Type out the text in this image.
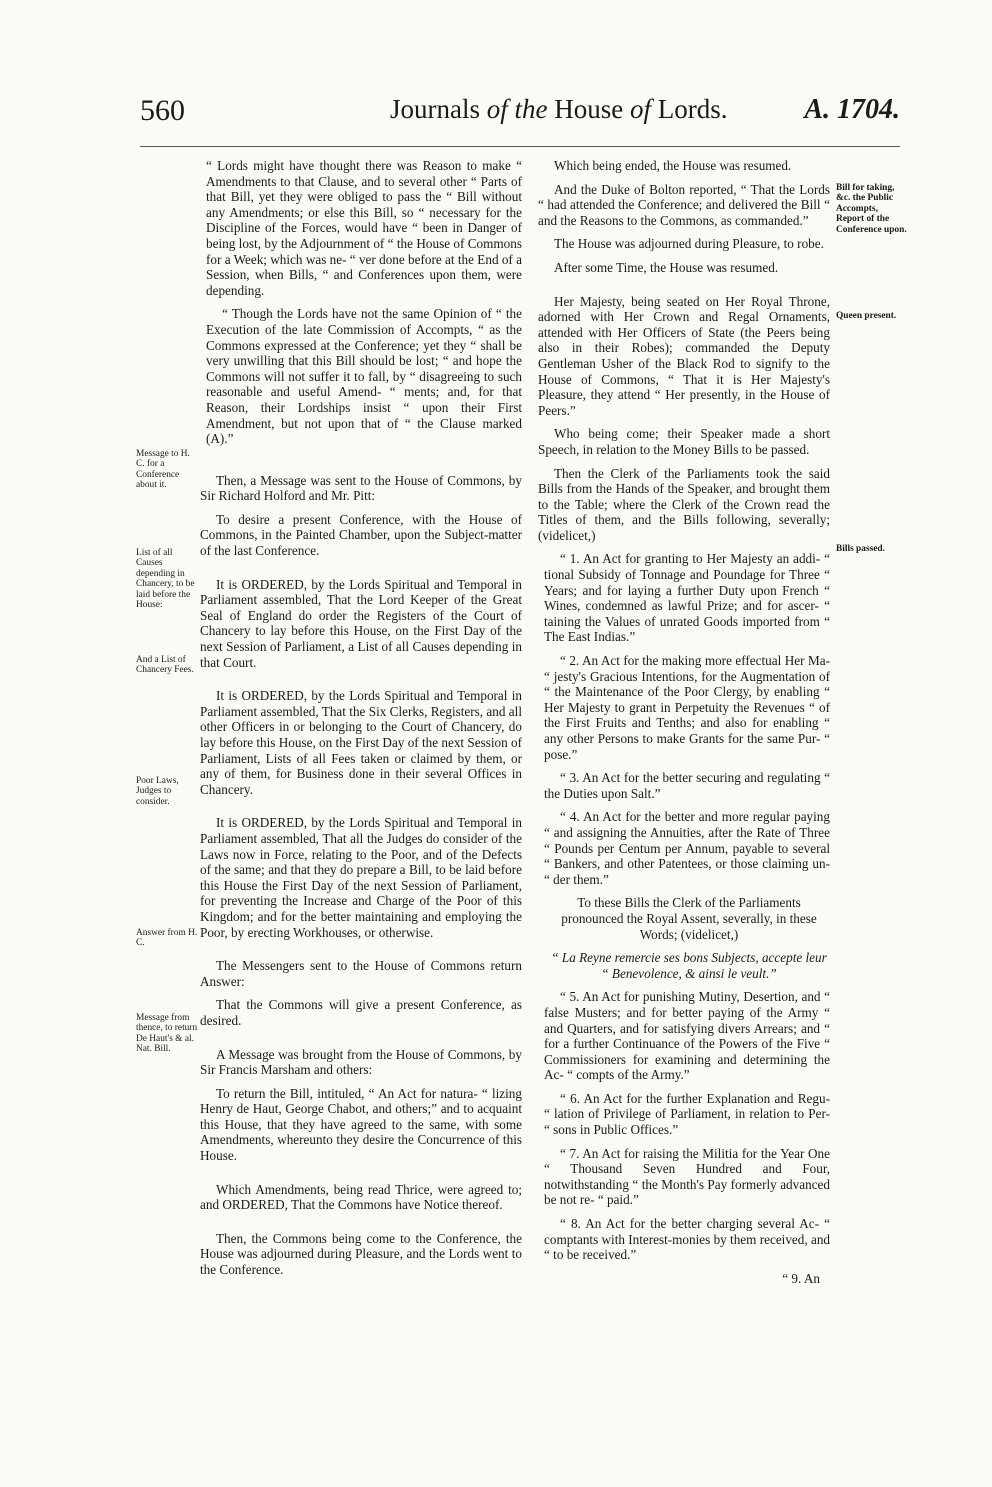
560	Journals of the House of Lords.	A. 1704.

“ Lords might have thought there was Reason to make “ Amendments to that Clause, and to several other “ Parts of that Bill, yet they were obliged to pass the “ Bill without any Amendments; or else this Bill, so “ necessary for the Discipline of the Forces, would have “ been in Danger of being lost, by the Adjournment of “ the House of Commons for a Week; which was ne- “ ver done before at the End of a Session, when Bills, “ and Conferences upon them, were depending.

“ Though the Lords have not the same Opinion of “ the Execution of the late Commission of Accompts, “ as the Commons expressed at the Conference; yet they “ shall be very unwilling that this Bill should be lost; “ and hope the Commons will not suffer it to fall, by “ disagreeing to such reasonable and useful Amend- “ ments; and, for that Reason, their Lordships insist “ upon their First Amendment, but not upon that of “ the Clause marked (A).”

Then, a Message was sent to the House of Commons, by Sir Richard Holford and Mr. Pitt:

To desire a present Conference, with the House of Commons, in the Painted Chamber, upon the Subject-matter of the last Conference.

It is ORDERED, by the Lords Spiritual and Temporal in Parliament assembled, That the Lord Keeper of the Great Seal of England do order the Registers of the Court of Chancery to lay before this House, on the First Day of the next Session of Parliament, a List of all Causes depending in that Court.

It is ORDERED, by the Lords Spiritual and Temporal in Parliament assembled, That the Six Clerks, Registers, and all other Officers in or belonging to the Court of Chancery, do lay before this House, on the First Day of the next Session of Parliament, Lists of all Fees taken or claimed by them, or any of them, for Business done in their several Offices in Chancery.

It is ORDERED, by the Lords Spiritual and Temporal in Parliament assembled, That all the Judges do consider of the Laws now in Force, relating to the Poor, and of the Defects of the same; and that they do prepare a Bill, to be laid before this House the First Day of the next Session of Parliament, for preventing the Increase and Charge of the Poor of this Kingdom; and for the better maintaining and employing the Poor, by erecting Workhouses, or otherwise.

The Messengers sent to the House of Commons return Answer:

That the Commons will give a present Conference, as desired.

A Message was brought from the House of Commons, by Sir Francis Marsham and others:

To return the Bill, intituled, “ An Act for natura- “ lizing Henry de Haut, George Chabot, and others;” and to acquaint this House, that they have agreed to the same, with some Amendments, whereunto they desire the Concurrence of this House.

Which Amendments, being read Thrice, were agreed to; and ORDERED, That the Commons have Notice thereof.

Then, the Commons being come to the Conference, the House was adjourned during Pleasure, and the Lords went to the Conference.

Which being ended, the House was resumed.

And the Duke of Bolton reported, “ That the Lords “ had attended the Conference; and delivered the Bill “ and the Reasons to the Commons, as commanded.”

The House was adjourned during Pleasure, to robe.

After some Time, the House was resumed.

Her Majesty, being seated on Her Royal Throne, adorned with Her Crown and Regal Ornaments, attended with Her Officers of State (the Peers being also in their Robes); commanded the Deputy Gentleman Usher of the Black Rod to signify to the House of Commons, “ That it is Her Majesty's Pleasure, they attend “ Her presently, in the House of Peers.”

Who being come; their Speaker made a short Speech, in relation to the Money Bills to be passed.

Then the Clerk of the Parliaments took the said Bills from the Hands of the Speaker, and brought them to the Table; where the Clerk of the Crown read the Titles of them, and the Bills following, severally; (videlicet,)

“ 1. An Act for granting to Her Majesty an addi- “ tional Subsidy of Tonnage and Poundage for Three “ Years; and for laying a further Duty upon French “ Wines, condemned as lawful Prize; and for ascer- “ taining the Values of unrated Goods imported from “ The East Indias.”

“ 2. An Act for the making more effectual Her Ma- “ jesty's Gracious Intentions, for the Augmentation of “ the Maintenance of the Poor Clergy, by enabling “ Her Majesty to grant in Perpetuity the Revenues “ of the First Fruits and Tenths; and also for enabling “ any other Persons to make Grants for the same Pur- “ pose.”

“ 3. An Act for the better securing and regulating “ the Duties upon Salt.”

“ 4. An Act for the better and more regular paying “ and assigning the Annuities, after the Rate of Three “ Pounds per Centum per Annum, payable to several “ Bankers, and other Patentees, or those claiming un- “ der them.”

To these Bills the Clerk of the Parliaments pronounced the Royal Assent, severally, in these Words; (videlicet,)

“ La Reyne remercie ses bons Subjects, accepte leur “ Benevolence, & ainsi le veult.”

“ 5. An Act for punishing Mutiny, Desertion, and “ false Musters; and for better paying of the Army “ and Quarters, and for satisfying divers Arrears; and “ for a further Continuance of the Powers of the Five “ Commissioners for examining and determining the Ac- “ compts of the Army.”

“ 6. An Act for the further Explanation and Regu- “ lation of Privilege of Parliament, in relation to Per- “ sons in Public Offices.”

“ 7. An Act for raising the Militia for the Year One “ Thousand Seven Hundred and Four, notwithstanding “ the Month's Pay formerly advanced be not re- “ paid.”

“ 8. An Act for the better charging several Ac- “ comptants with Interest-monies by them received, and “ to be received.”

“ 9. An

Message to H. C. for a Conference about it.
List of all Causes depending in Chancery, to be laid before the House:
And a List of Chancery Fees.
Poor Laws, Judges to consider.
Answer from H. C.
Message from thence, to return De Haut's & al. Nat. Bill.
Bill for taking, &c. the Public Accompts, Report of the Conference upon.
Queen present.
Bills passed.
